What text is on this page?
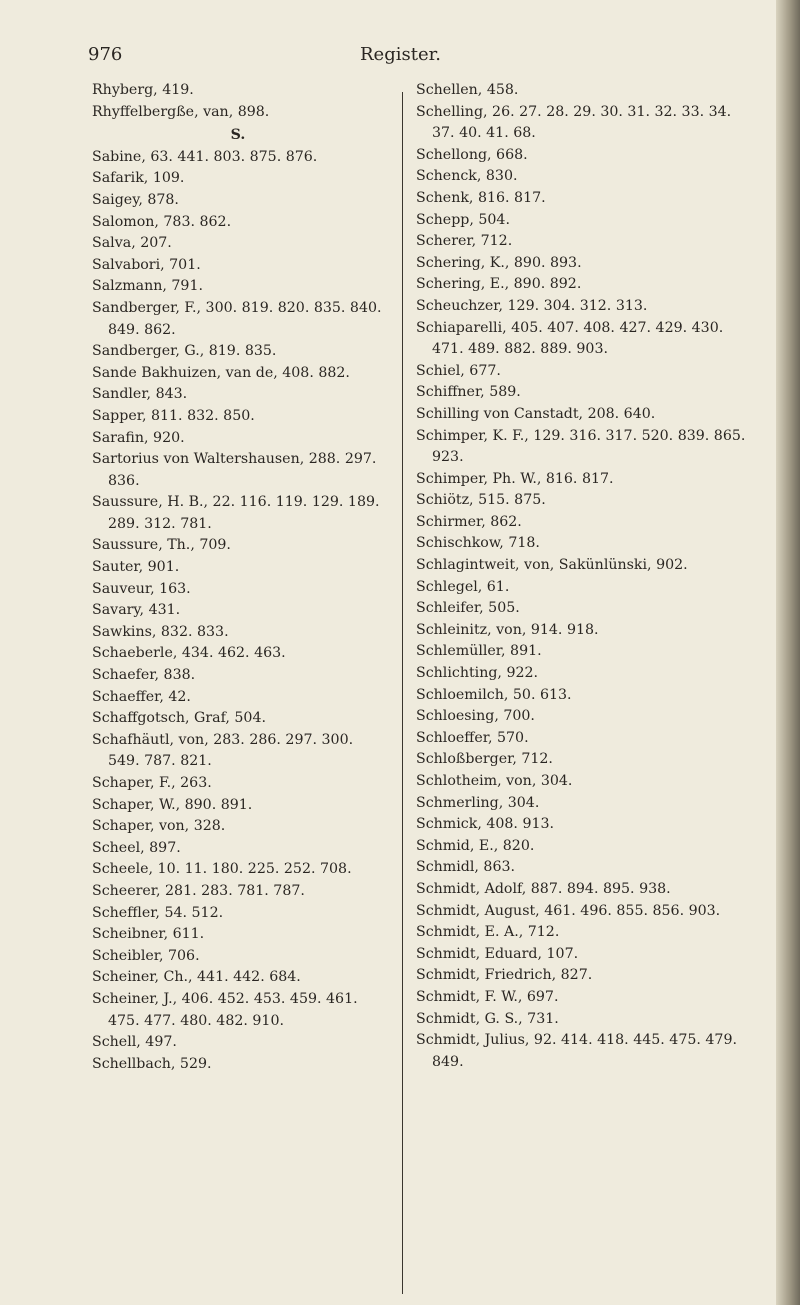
976	Register.
Rhyberg, 419.
Rhyffelbergße, van, 898.
S.
Sabine, 63. 441. 803. 875. 876.
Safarik, 109.
Saigey, 878.
Salomon, 783. 862.
Salva, 207.
Salvabori, 701.
Salzmann, 791.
Sandberger, F., 300. 819. 820. 835. 840. 849. 862.
Sandberger, G., 819. 835.
Sande Bakhuizen, van de, 408. 882.
Sandler, 843.
Sapper, 811. 832. 850.
Sarafin, 920.
Sartorius von Waltershausen, 288. 297. 836.
Saussure, H. B., 22. 116. 119. 129. 189. 289. 312. 781.
Saussure, Th., 709.
Sauter, 901.
Sauveur, 163.
Savary, 431.
Sawkins, 832. 833.
Schaeberle, 434. 462. 463.
Schaefer, 838.
Schaeffer, 42.
Schaffgotsch, Graf, 504.
Schafhäutl, von, 283. 286. 297. 300. 549. 787. 821.
Schaper, F., 263.
Schaper, W., 890. 891.
Schaper, von, 328.
Scheel, 897.
Scheele, 10. 11. 180. 225. 252. 708.
Scheerer, 281. 283. 781. 787.
Scheffler, 54. 512.
Scheibner, 611.
Scheibler, 706.
Scheiner, Ch., 441. 442. 684.
Scheiner, J., 406. 452. 453. 459. 461. 475. 477. 480. 482. 910.
Schell, 497.
Schellbach, 529.
Schellen, 458.
Schelling, 26. 27. 28. 29. 30. 31. 32. 33. 34. 37. 40. 41. 68.
Schellong, 668.
Schenck, 830.
Schenk, 816. 817.
Schepp, 504.
Scherer, 712.
Schering, K., 890. 893.
Schering, E., 890. 892.
Scheuchzer, 129. 304. 312. 313.
Schiaparelli, 405. 407. 408. 427. 429. 430. 471. 489. 882. 889. 903.
Schiel, 677.
Schiffner, 589.
Schilling von Canstadt, 208. 640.
Schimper, K. F., 129. 316. 317. 520. 839. 865. 923.
Schimper, Ph. W., 816. 817.
Schiötz, 515. 875.
Schirmer, 862.
Schischkow, 718.
Schlagintweit, von, Sakünlünski, 902.
Schlegel, 61.
Schleifer, 505.
Schleinitz, von, 914. 918.
Schlemüller, 891.
Schlichting, 922.
Schloemilch, 50. 613.
Schloesing, 700.
Schloeffer, 570.
Schloßberger, 712.
Schlotheim, von, 304.
Schmerling, 304.
Schmick, 408. 913.
Schmid, E., 820.
Schmidl, 863.
Schmidt, Adolf, 887. 894. 895. 938.
Schmidt, August, 461. 496. 855. 856. 903.
Schmidt, E. A., 712.
Schmidt, Eduard, 107.
Schmidt, Friedrich, 827.
Schmidt, F. W., 697.
Schmidt, G. S., 731.
Schmidt, Julius, 92. 414. 418. 445. 475. 479. 849.
